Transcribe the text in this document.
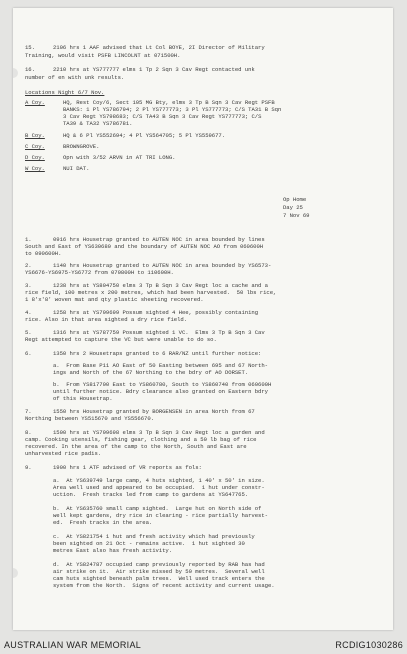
15.	2106 hrs 1 AAF advised that Lt Col BOYE, 2I Director of Military
Training, would visit PSFB LINCOLNT at 071500H.
16.	2210 hrs at YS777777 elms 1 Tp 2 Sqn 3 Cav Regt contacted unk
number of en with unk results.
Locations Night 6/7 Nov.
A Coy.	HQ, Rest Coy/6, Sect 105 MG Bty, elms 3 Tp B Sqn 3 Cav Regt PSFB
BANKS: 1 Pl YS786794; 2 Pl YS777773; 3 Pl YS777773; C/S TA31 B Sqn
3 Cav Regt YS798683; C/S TA43 B Sqn 3 Cav Regt YS777773; C/S
TA39 & TA32 YS786781.
B Coy.	HQ & 6 Pl YS552694; 4 Pl YS564705; 5 Pl YS559677.
C Coy.	BROWNGROVE.
D Coy.	Opn with 3/52 ARVN in AT TRI LONG.
W Coy.	NUI DAT.
Op Home
Day 25
7 Nov 69
1.	0916 hrs Housetrap granted to AUTEN NOC in area bounded by lines
South and East of YS630680 and the boundary of AUTEN NOC AO from 060600H
to 090600H.
2.	1140 hrs Housetrap granted to AUTEN NOC in area bounded by YS6573-
YS6676-YS6975-YS6772 from 070800H to 110600H.
3.	1238 hrs at YS804750 elms 3 Tp B Sqn 3 Cav Regt loc a cache and a
rice field, 100 metres x 200 metres, which had been harvested.  50 lbs rice,
1 8'x'8' woven mat and qty plastic sheeting recovered.
4.	1258 hrs at YS799699 Possum sighted 4 Hee, possibly containing
rice. Also in that area sighted a dry rice field.
5.	1316 hrs at YS787759 Possum sighted 1 VC.  Elms 3 Tp B Sqn 3 Cav
Regt attempted to capture the VC but were unable to do so.
6.	1350 hrs 2 Housetraps granted to 6 RAR/NZ until further notice:
a.  From Base P11 AO East of 50 Easting between 695 and 67 North-
ings and North of the 67 Northing to the bdry of AO DORSET.
b.  From YS817700 East to YS860780, South to YS860740 from 060600H
until further notice. Bdry clearance also granted on Eastern bdry
of this Housetrap.
7.	1550 hrs Housetrap granted by BORGENSEN in area North from 67
Northing between YS515670 and YS556670.
8.	1500 hrs at YS799698 elms 3 Tp B Sqn 3 Cav Regt loc a garden and
camp. Cooking utensils, fishing gear, clothing and a 50 lb bag of rice
recovered. In the area of the camp to the North, South and East are
unharvested rice padis.
9.	1900 hrs 1 ATF advised of VR reports as fols:
a.  At YS639749 large camp, 4 huts sighted, 1 40' x 50' in size.
Area well used and appeared to be occupied.  1 hut under constr-
uction.  Fresh tracks led from camp to gardens at YS647765.
b.  At YS635760 small camp sighted.  Large hut on North side of
well kept gardens, dry rice in clearing - rice partially harvest-
ed.  Fresh tracks in the area.
c.  At YS821754 1 hut and fresh activity which had previously
been sighted on 21 Oct - remains active.  1 hut sighted 30
metres East also has fresh activity.
d.  At YS824787 occupied camp previously reported by RAB has had
air strike on it.  Air strike missed by 50 metres.  Several well
cam huts sighted beneath palm trees.  Well used track enters the
system from the North.  Signs of recent activity and current usage.
AUSTRALIAN WAR MEMORIAL	RCDIG1030286
